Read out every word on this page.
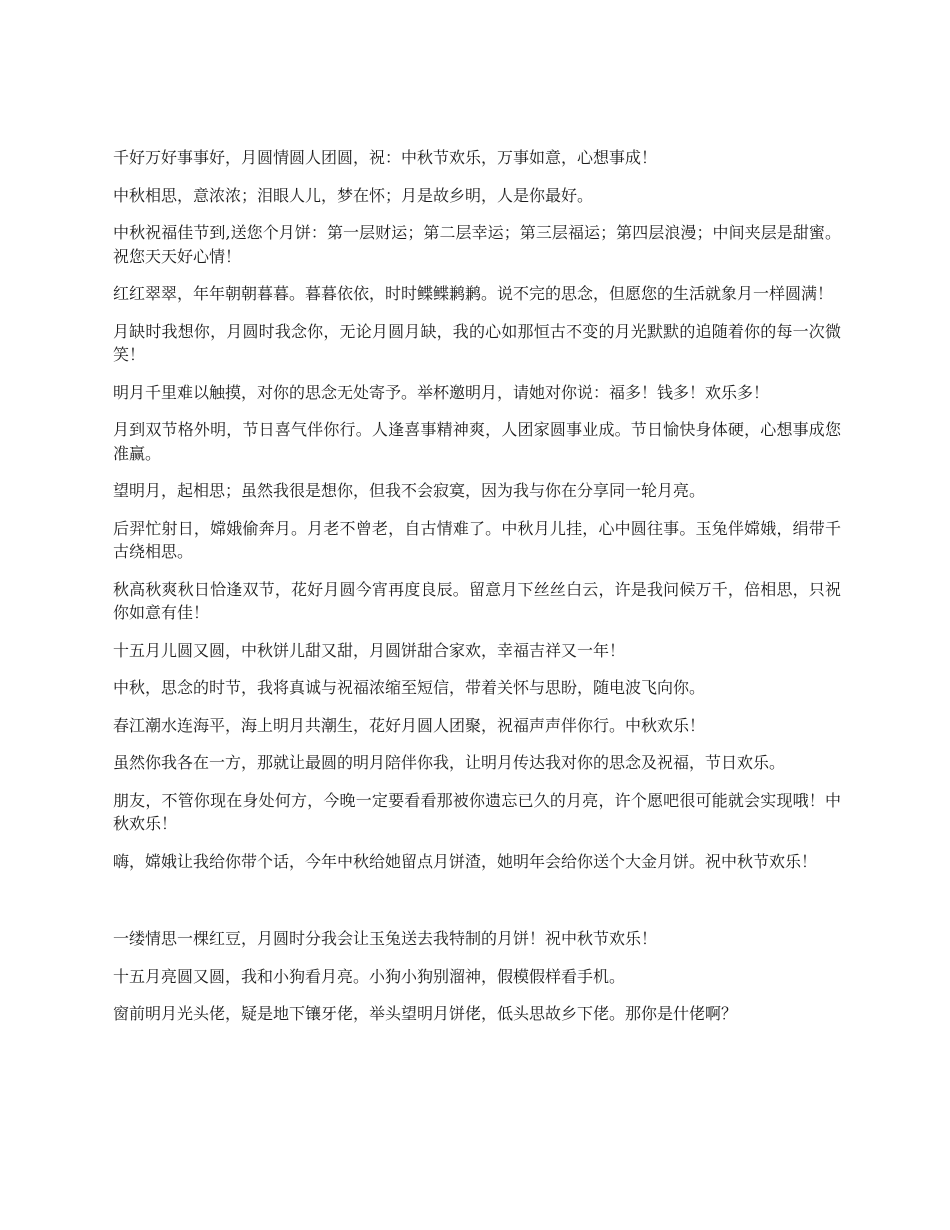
千好万好事事好，月圆情圆人团圆，祝：中秋节欢乐，万事如意，心想事成！

中秋相思，意浓浓；泪眼人儿，梦在怀；月是故乡明，人是你最好。

中秋祝福佳节到,送您个月饼：第一层财运；第二层幸运；第三层福运；第四层浪漫；中间夹层是甜蜜。祝您天天好心情！

红红翠翠，年年朝朝暮暮。暮暮依依，时时鲽鲽鹣鹣。说不完的思念，但愿您的生活就象月一样圆满！

月缺时我想你，月圆时我念你，无论月圆月缺，我的心如那恒古不变的月光默默的追随着你的每一次微笑！

明月千里难以触摸，对你的思念无处寄予。举杯邀明月，请她对你说：福多！钱多！欢乐多！

月到双节格外明，节日喜气伴你行。人逢喜事精神爽，人团家圆事业成。节日愉快身体硬，心想事成您准赢。

望明月，起相思；虽然我很是想你，但我不会寂寞，因为我与你在分享同一轮月亮。

后羿忙射日，嫦娥偷奔月。月老不曾老，自古情难了。中秋月儿挂，心中圆往事。玉兔伴嫦娥，绢带千古绕相思。

秋高秋爽秋日恰逢双节，花好月圆今宵再度良辰。留意月下丝丝白云，许是我问候万千，倍相思，只祝你如意有佳！

十五月儿圆又圆，中秋饼儿甜又甜，月圆饼甜合家欢，幸福吉祥又一年！

中秋，思念的时节，我将真诚与祝福浓缩至短信，带着关怀与思盼，随电波飞向你。

春江潮水连海平，海上明月共潮生，花好月圆人团聚，祝福声声伴你行。中秋欢乐！

虽然你我各在一方，那就让最圆的明月陪伴你我，让明月传达我对你的思念及祝福，节日欢乐。

朋友，不管你现在身处何方，今晚一定要看看那被你遗忘已久的月亮，许个愿吧很可能就会实现哦！中秋欢乐！

嗨，嫦娥让我给你带个话，今年中秋给她留点月饼渣，她明年会给你送个大金月饼。祝中秋节欢乐！

一缕情思一棵红豆，月圆时分我会让玉兔送去我特制的月饼！祝中秋节欢乐！

十五月亮圆又圆，我和小狗看月亮。小狗小狗别溜神，假模假样看手机。

窗前明月光头佬，疑是地下镶牙佬，举头望明月饼佬，低头思故乡下佬。那你是什佬啊？
